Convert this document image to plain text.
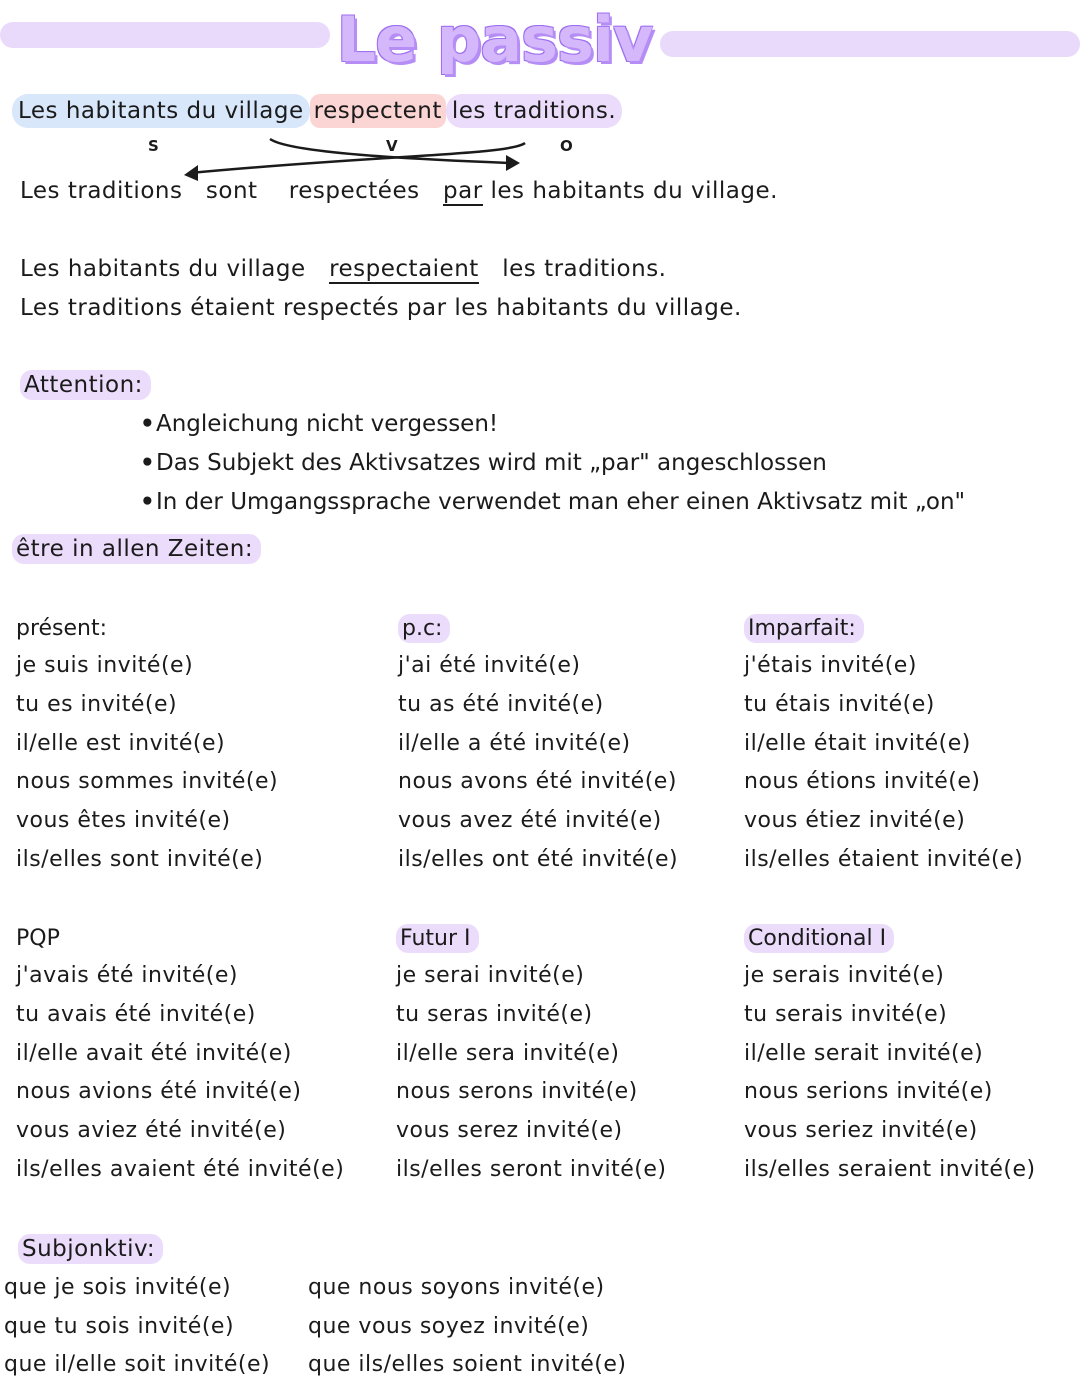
Le passiv
Les habitants du village respectent les traditions.
S	V	O
Les traditions sont respectées par les habitants du village.
Les habitants du village respectaient les traditions.
Les traditions étaient respectés par les habitants du village.
Attention:
•Angleichung nicht vergessen!
•Das Subjekt des Aktivsatzes wird mit „par" angeschlossen
•In der Umgangssprache verwendet man eher einen Aktivsatz mit „on"
être in allen Zeiten:
présent:
je suis invité(e)
tu es invité(e)
il/elle est invité(e)
nous sommes invité(e)
vous êtes invité(e)
ils/elles sont invité(e)
p.c:
j'ai été invité(e)
tu as été invité(e)
il/elle a été invité(e)
nous avons été invité(e)
vous avez été invité(e)
ils/elles ont été invité(e)
Imparfait:
j'étais invité(e)
tu étais invité(e)
il/elle était invité(e)
nous étions invité(e)
vous étiez invité(e)
ils/elles étaient invité(e)
PQP
j'avais été invité(e)
tu avais été invité(e)
il/elle avait été invité(e)
nous avions été invité(e)
vous aviez été invité(e)
ils/elles avaient été invité(e)
Futur I
je serai invité(e)
tu seras invité(e)
il/elle sera invité(e)
nous serons invité(e)
vous serez invité(e)
ils/elles seront invité(e)
Conditional I
je serais invité(e)
tu serais invité(e)
il/elle serait invité(e)
nous serions invité(e)
vous seriez invité(e)
ils/elles seraient invité(e)
Subjonktiv:
que je sois invité(e)
que tu sois invité(e)
que il/elle soit invité(e)
que nous soyons invité(e)
que vous soyez invité(e)
que ils/elles soient invité(e)
